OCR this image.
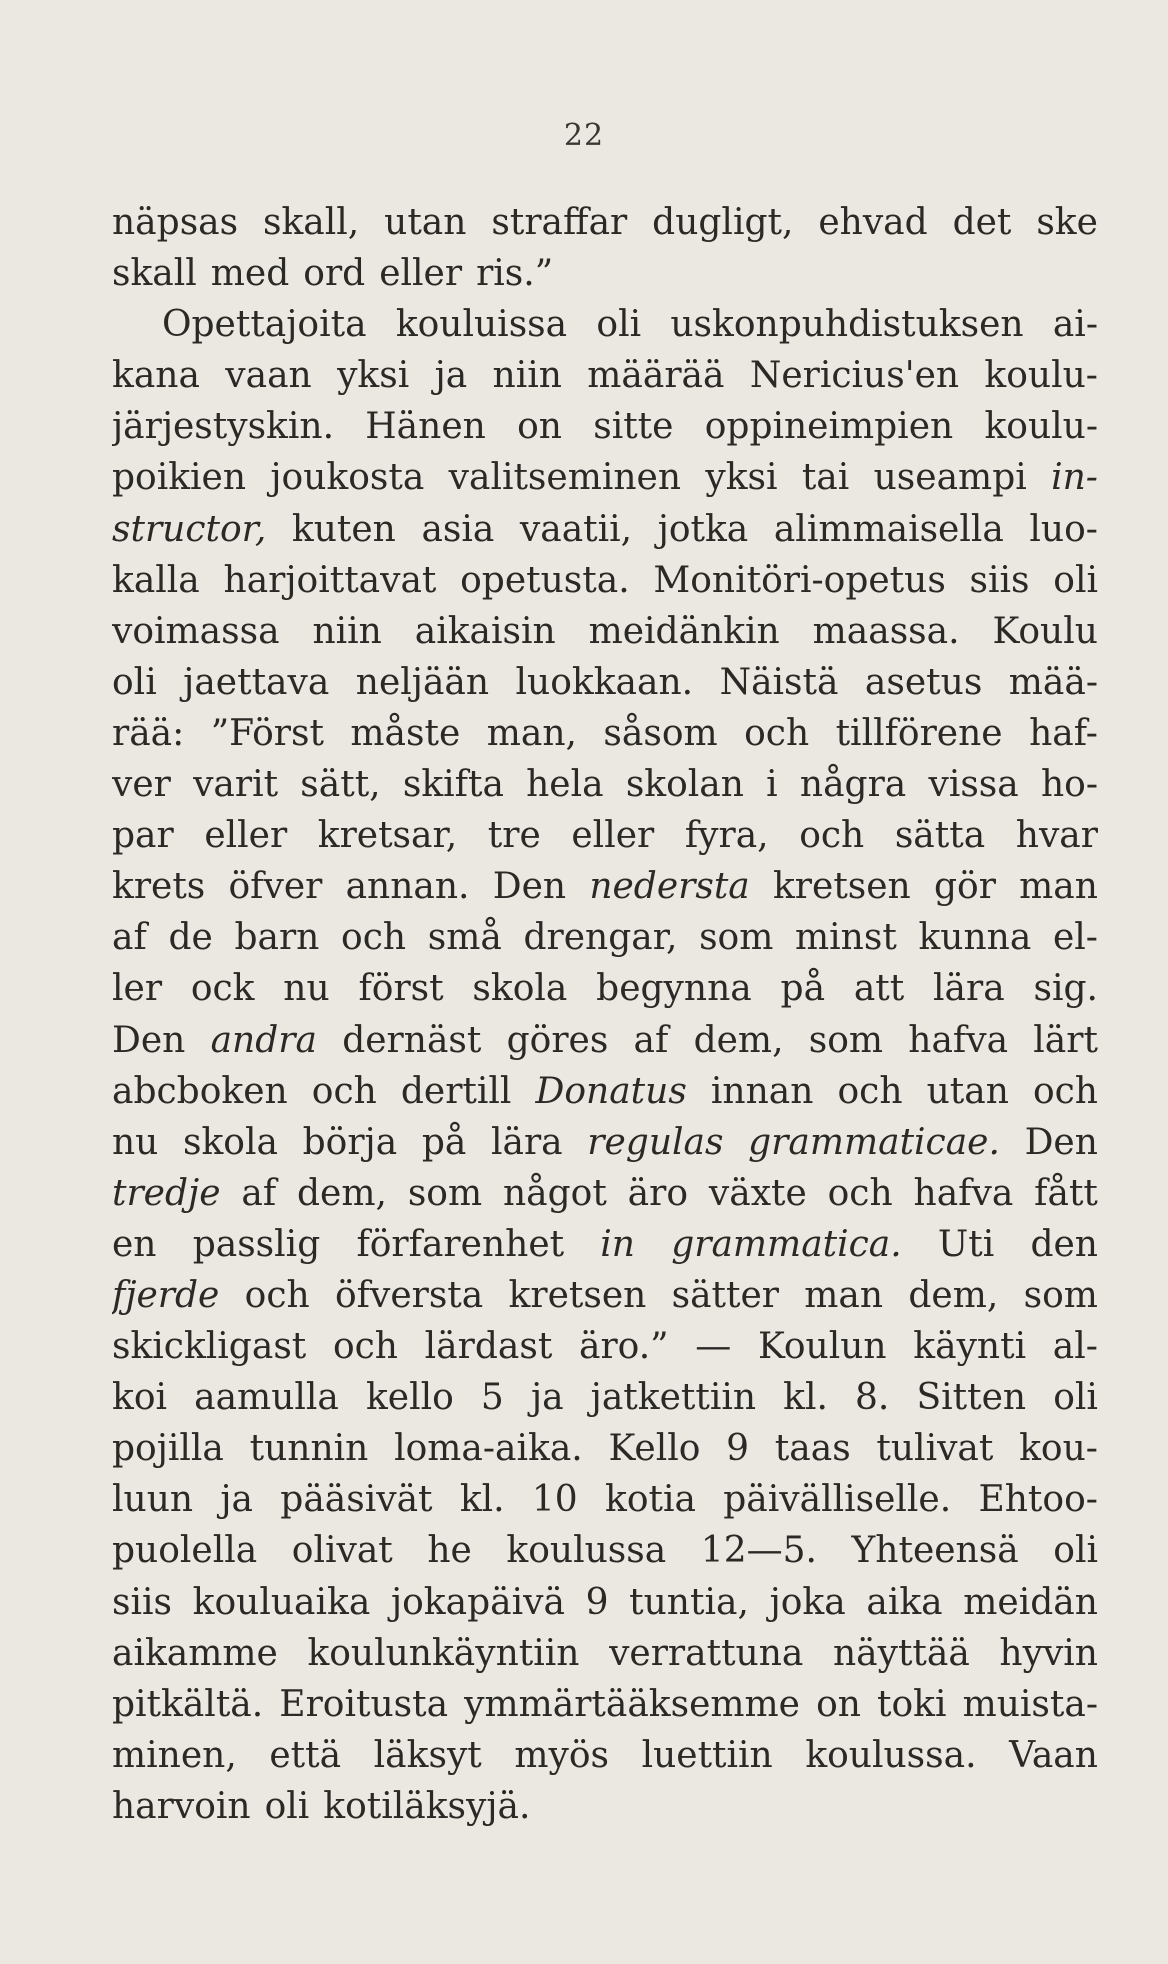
22
näpsas skall, utan straffar dugligt, ehvad det ske
skall med ord eller ris.”
Opettajoita kouluissa oli uskonpuhdistuksen ai-
kana vaan yksi ja niin määrää Nericius'en koulu-
järjestyskin. Hänen on sitte oppineimpien koulu-
poikien joukosta valitseminen yksi tai useampi in-
structor, kuten asia vaatii, jotka alimmaisella luo-
kalla harjoittavat opetusta. Monitöri-opetus siis oli
voimassa niin aikaisin meidänkin maassa. Koulu
oli jaettava neljään luokkaan. Näistä asetus mää-
rää: ”Först måste man, såsom och tillförene haf-
ver varit sätt, skifta hela skolan i några vissa ho-
par eller kretsar, tre eller fyra, och sätta hvar
krets öfver annan. Den nedersta kretsen gör man
af de barn och små drengar, som minst kunna el-
ler ock nu först skola begynna på att lära sig.
Den andra dernäst göres af dem, som hafva lärt
abcboken och dertill Donatus innan och utan och
nu skola börja på lära regulas grammaticae. Den
tredje af dem, som något äro växte och hafva fått
en passlig förfarenhet in grammatica. Uti den
fjerde och öfversta kretsen sätter man dem, som
skickligast och lärdast äro.” — Koulun käynti al-
koi aamulla kello 5 ja jatkettiin kl. 8. Sitten oli
pojilla tunnin loma-aika. Kello 9 taas tulivat kou-
luun ja pääsivät kl. 10 kotia päivälliselle. Ehtoo-
puolella olivat he koulussa 12—5. Yhteensä oli
siis kouluaika jokapäivä 9 tuntia, joka aika meidän
aikamme koulunkäyntiin verrattuna näyttää hyvin
pitkältä. Eroitusta ymmärtääksemme on toki muista-
minen, että läksyt myös luettiin koulussa. Vaan
harvoin oli kotiläksyjä.
